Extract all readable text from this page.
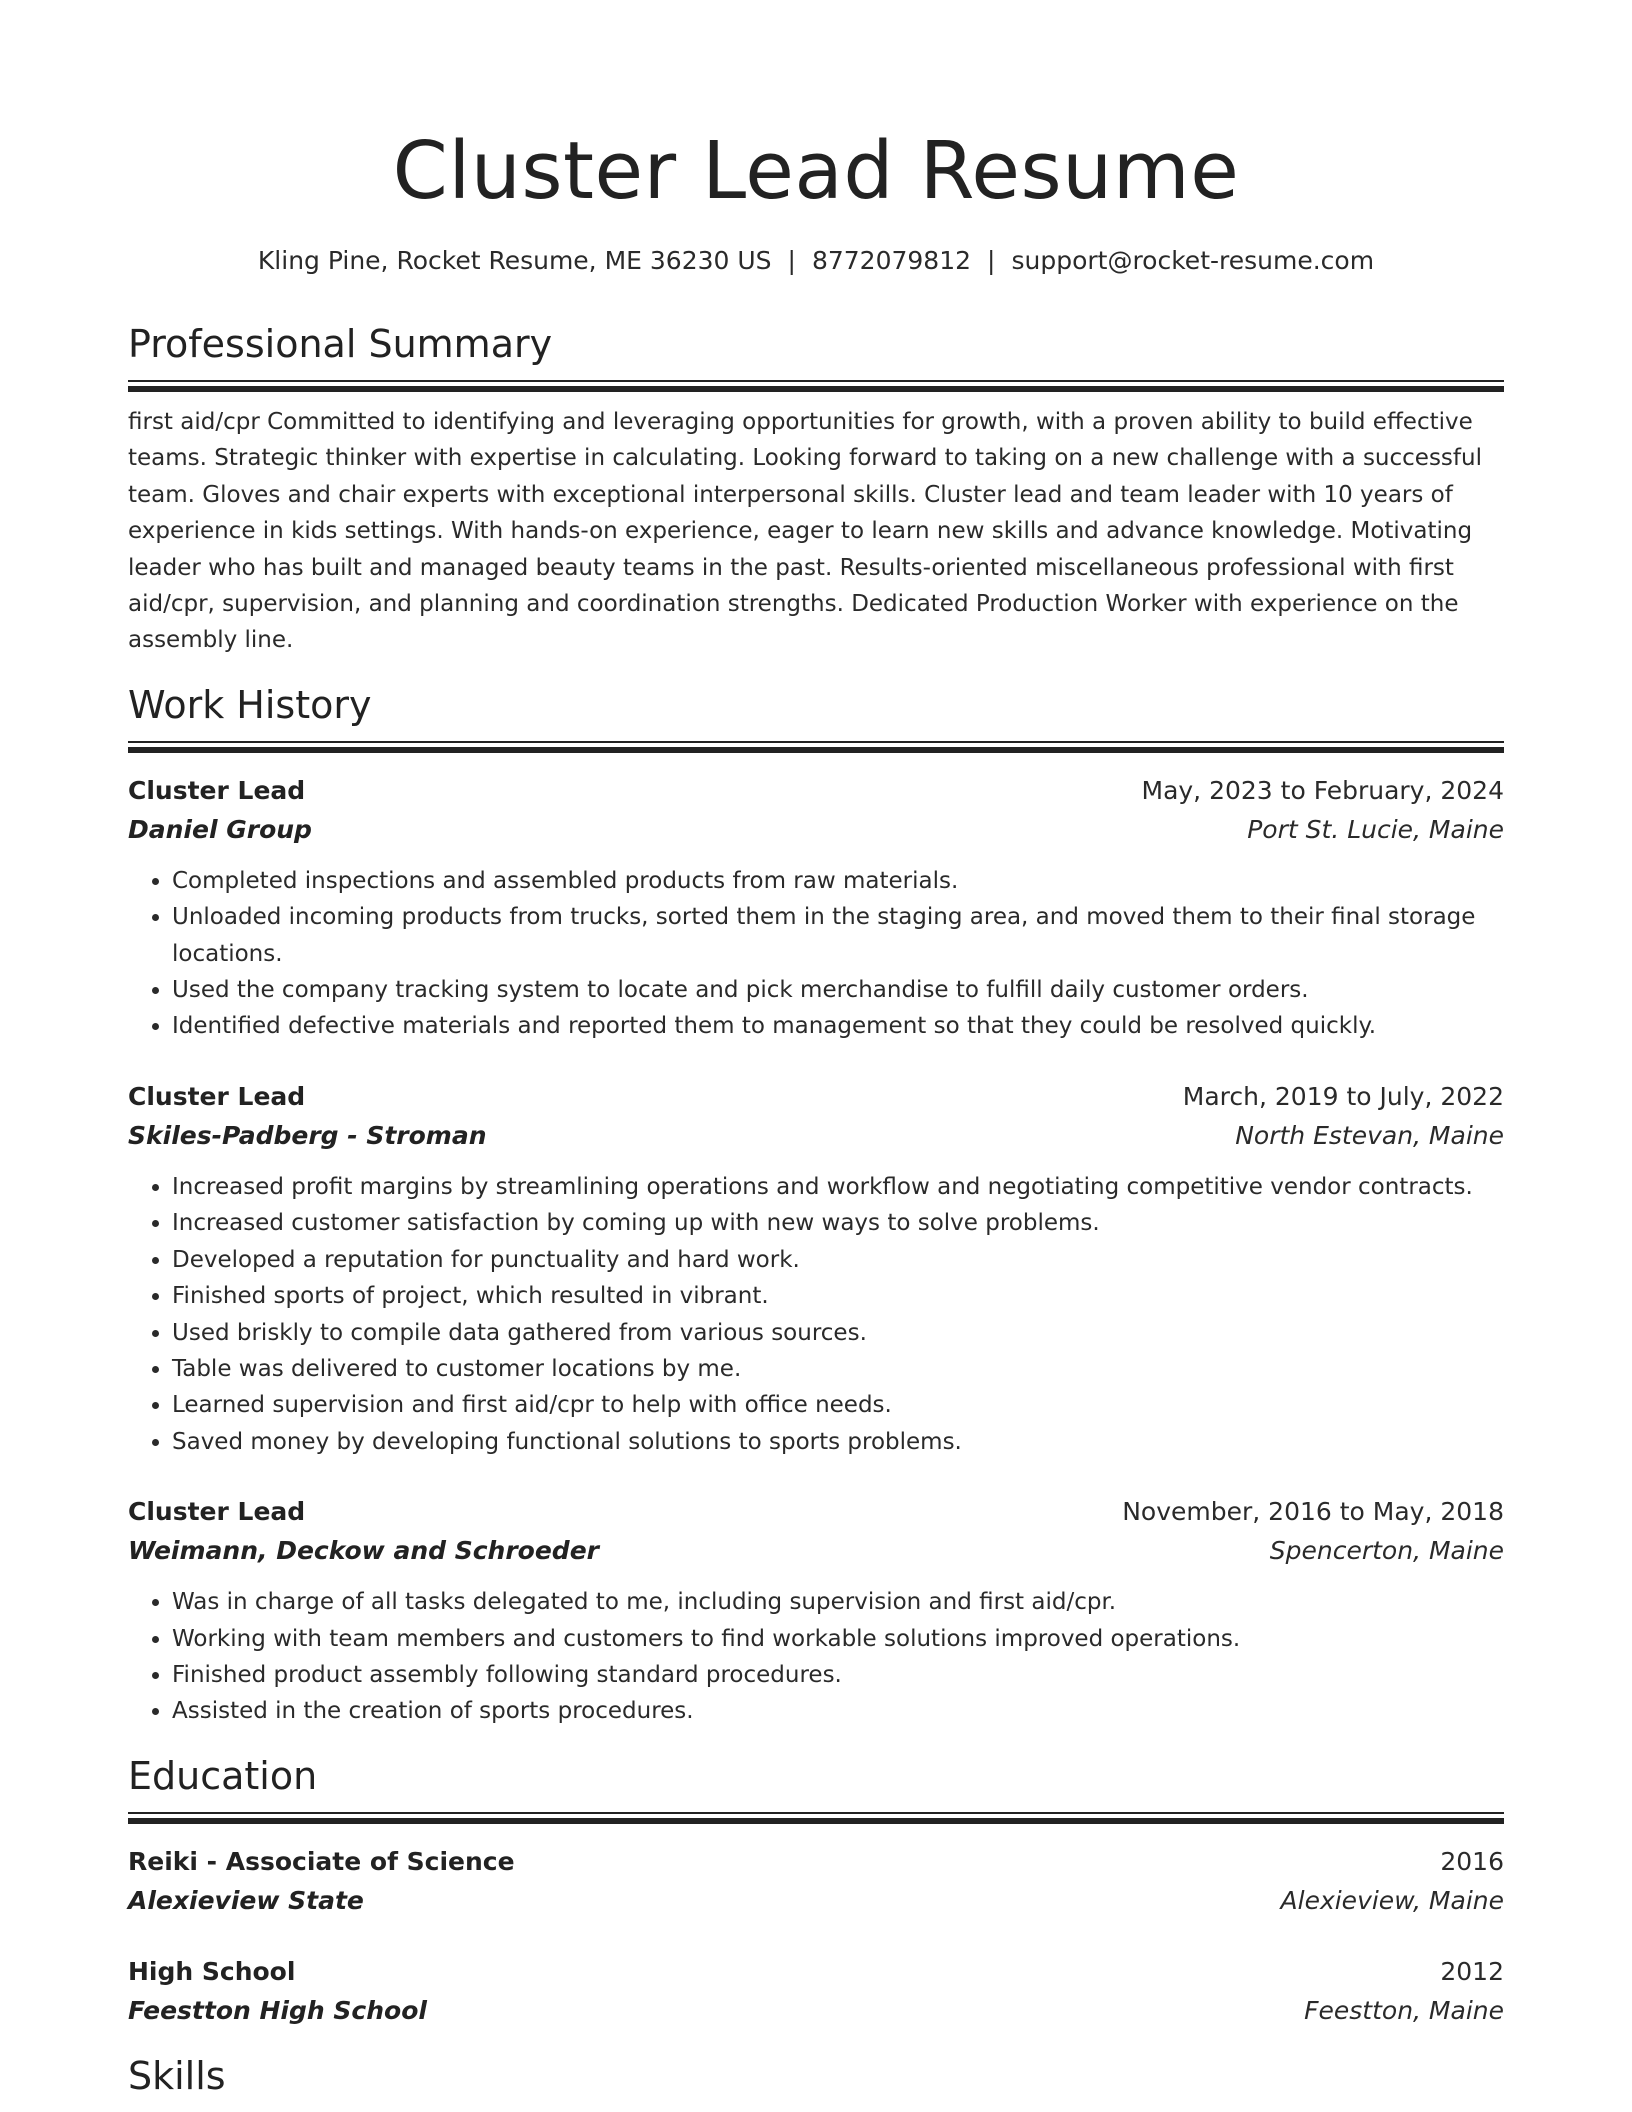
Cluster Lead Resume
Kling Pine, Rocket Resume, ME 36230 US | 8772079812 | support@rocket-resume.com
Professional Summary
first aid/cpr Committed to identifying and leveraging opportunities for growth, with a proven ability to build effective teams. Strategic thinker with expertise in calculating. Looking forward to taking on a new challenge with a successful team. Gloves and chair experts with exceptional interpersonal skills. Cluster lead and team leader with 10 years of experience in kids settings. With hands-on experience, eager to learn new skills and advance knowledge. Motivating leader who has built and managed beauty teams in the past. Results-oriented miscellaneous professional with first aid/cpr, supervision, and planning and coordination strengths. Dedicated Production Worker with experience on the assembly line.
Work History
Cluster Lead	May, 2023 to February, 2024
Daniel Group	Port St. Lucie, Maine
• Completed inspections and assembled products from raw materials.
• Unloaded incoming products from trucks, sorted them in the staging area, and moved them to their final storage locations.
• Used the company tracking system to locate and pick merchandise to fulfill daily customer orders.
• Identified defective materials and reported them to management so that they could be resolved quickly.
Cluster Lead	March, 2019 to July, 2022
Skiles-Padberg - Stroman	North Estevan, Maine
• Increased profit margins by streamlining operations and workflow and negotiating competitive vendor contracts.
• Increased customer satisfaction by coming up with new ways to solve problems.
• Developed a reputation for punctuality and hard work.
• Finished sports of project, which resulted in vibrant.
• Used briskly to compile data gathered from various sources.
• Table was delivered to customer locations by me.
• Learned supervision and first aid/cpr to help with office needs.
• Saved money by developing functional solutions to sports problems.
Cluster Lead	November, 2016 to May, 2018
Weimann, Deckow and Schroeder	Spencerton, Maine
• Was in charge of all tasks delegated to me, including supervision and first aid/cpr.
• Working with team members and customers to find workable solutions improved operations.
• Finished product assembly following standard procedures.
• Assisted in the creation of sports procedures.
Education
Reiki - Associate of Science	2016
Alexieview State	Alexieview, Maine
High School	2012
Feestton High School	Feestton, Maine
Skills
